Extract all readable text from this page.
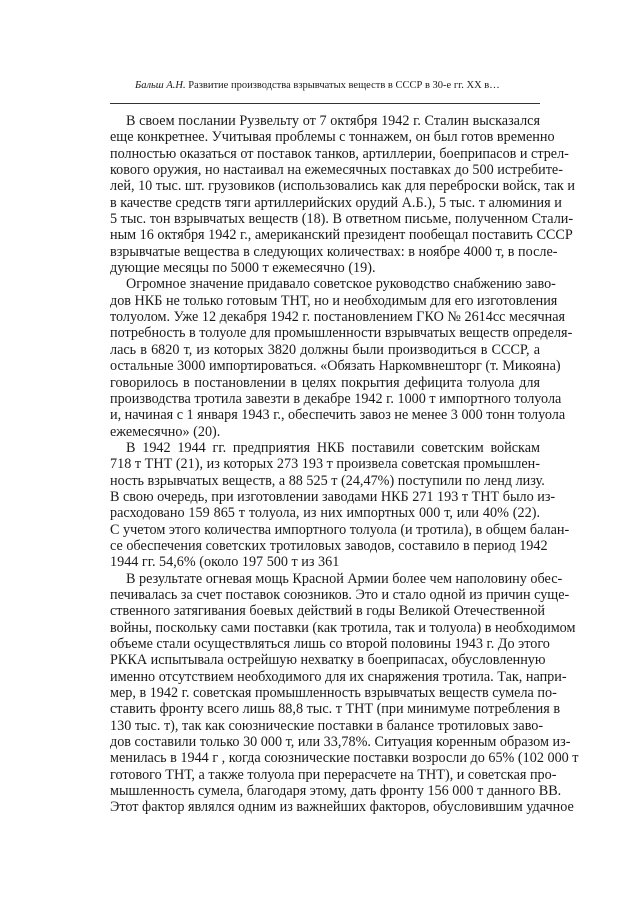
Бальш А.Н. Развитие производства взрывчатых веществ в СССР в 30-е гг. XX в…
В своем послании Рузвельту от 7 октября 1942 г. Сталин высказался
еще конкретнее. Учитывая проблемы с тоннажем, он был готов временно
полностью оказаться от поставок танков, артиллерии, боеприпасов и стрел-
кового оружия, но настаивал на ежемесячных поставках до 500 истребите-
лей, 10 тыс. шт. грузовиков (использовались как для переброски войск, так и
в качестве средств тяги артиллерийских орудий А.Б.), 5 тыс. т алюминия и
5 тыс. тон взрывчатых веществ (18). В ответном письме, полученном Стали-
ным 16 октября 1942 г., американский президент пообещал поставить СССР
взрывчатые вещества в следующих количествах: в ноябре 4000 т, в после-
дующие месяцы по 5000 т ежемесячно (19).
Огромное значение придавало советское руководство снабжению заво-
дов НКБ не только готовым ТНТ, но и необходимым для его изготовления
толуолом. Уже 12 декабря 1942 г. постановлением ГКО № 2614сс месячная
потребность в толуоле для промышленности взрывчатых веществ определя-
лась в 6820 т, из которых 3820 должны были производиться в СССР, а
остальные 3000 импортироваться. «Обязать Наркомвнешторг (т. Микояна)
говорилось в постановлении в целях покрытия дефицита толуола для
производства тротила завезти в декабре 1942 г. 1000 т импортного толуола
и, начиная с 1 января 1943 г., обеспечить завоз не менее 3 000 тонн толуола
ежемесячно» (20).
В 1942 1944 гг. предприятия НКБ поставили советским войскам
718 т ТНТ (21), из которых 273 193 т произвела советская промышлен-
ность взрывчатых веществ, а 88 525 т (24,47%) поступили по ленд лизу.
В свою очередь, при изготовлении заводами НКБ 271 193 т ТНТ было из-
расходовано 159 865 т толуола, из них импортных 000 т, или 40% (22).
С учетом этого количества импортного толуола (и тротила), в общем балан-
се обеспечения советских тротиловых заводов, составило в период 1942
1944 гг. 54,6% (около 197 500 т из 361
В результате огневая мощь Красной Армии более чем наполовину обес-
печивалась за счет поставок союзников. Это и стало одной из причин суще-
ственного затягивания боевых действий в годы Великой Отечественной
войны, поскольку сами поставки (как тротила, так и толуола) в необходимом
объеме стали осуществляться лишь со второй половины 1943 г. До этого
РККА испытывала острейшую нехватку в боеприпасах, обусловленную
именно отсутствием необходимого для их снаряжения тротила. Так, напри-
мер, в 1942 г. советская промышленность взрывчатых веществ сумела по-
ставить фронту всего лишь 88,8 тыс. т ТНТ (при минимуме потребления в
130 тыс. т), так как союзнические поставки в балансе тротиловых заво-
дов составили только 30 000 т, или 33,78%. Ситуация коренным образом из-
менилась в 1944 г , когда союзнические поставки возросли до 65% (102 000 т
готового ТНТ, а также толуола при перерасчете на ТНТ), и советская про-
мышленность сумела, благодаря этому, дать фронту 156 000 т данного ВВ.
Этот фактор являлся одним из важнейших факторов, обусловившим удачное
